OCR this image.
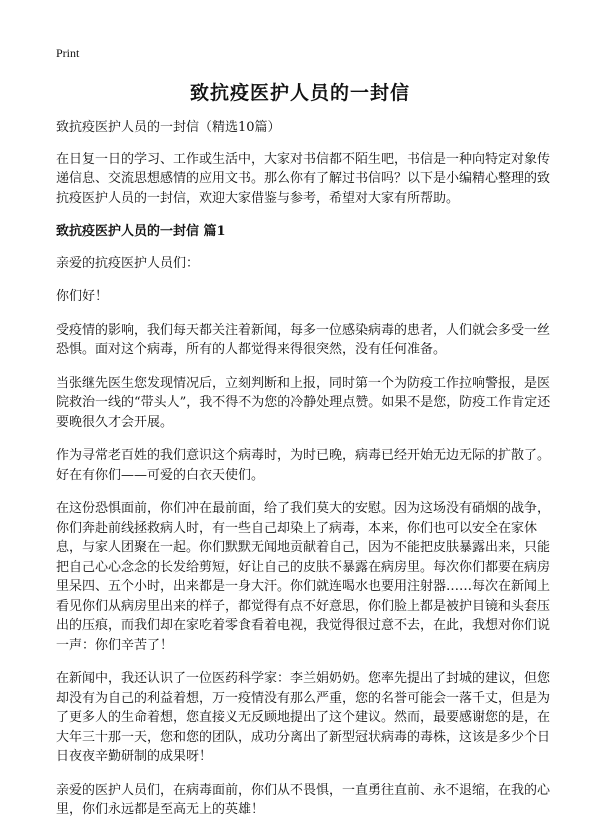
Print
致抗疫医护人员的一封信

致抗疫医护人员的一封信（精选10篇）

在日复一日的学习、工作或生活中，大家对书信都不陌生吧，书信是一种向特定对象传递信息、交流思想感情的应用文书。那么你有了解过书信吗？以下是小编精心整理的致抗疫医护人员的一封信，欢迎大家借鉴与参考，希望对大家有所帮助。

致抗疫医护人员的一封信 篇1

亲爱的抗疫医护人员们：

你们好！

受疫情的影响，我们每天都关注着新闻，每多一位感染病毒的患者，人们就会多受一丝恐惧。面对这个病毒，所有的人都觉得来得很突然，没有任何准备。

当张继先医生您发现情况后，立刻判断和上报，同时第一个为防疫工作拉响警报，是医院救治一线的“带头人”，我不得不为您的冷静处理点赞。如果不是您，防疫工作肯定还要晚很久才会开展。

作为寻常老百姓的我们意识这个病毒时，为时已晚，病毒已经开始无边无际的扩散了。好在有你们——可爱的白衣天使们。

在这份恐惧面前，你们冲在最前面，给了我们莫大的安慰。因为这场没有硝烟的战争，你们奔赴前线拯救病人时，有一些自己却染上了病毒，本来，你们也可以安全在家休息，与家人团聚在一起。你们默默无闻地贡献着自己，因为不能把皮肤暴露出来，只能把自己心心念念的长发给剪短，好让自己的皮肤不暴露在病房里。每次你们都要在病房里呆四、五个小时，出来都是一身大汗。你们就连喝水也要用注射器……每次在新闻上看见你们从病房里出来的样子，都觉得有点不好意思，你们脸上都是被护目镜和头套压出的压痕，而我们却在家吃着零食看着电视，我觉得很过意不去，在此，我想对你们说一声：你们辛苦了！

在新闻中，我还认识了一位医药科学家：李兰娟奶奶。您率先提出了封城的建议，但您却没有为自己的利益着想，万一疫情没有那么严重，您的名誉可能会一落千丈，但是为了更多人的生命着想，您直接义无反顾地提出了这个建议。然而，最要感谢您的是，在大年三十那一天，您和您的团队，成功分离出了新型冠状病毒的毒株，这该是多少个日日夜夜辛勤研制的成果呀！

亲爱的医护人员们，在病毒面前，你们从不畏惧，一直勇往直前、永不退缩，在我的心里，你们永远都是至高无上的英雄！
